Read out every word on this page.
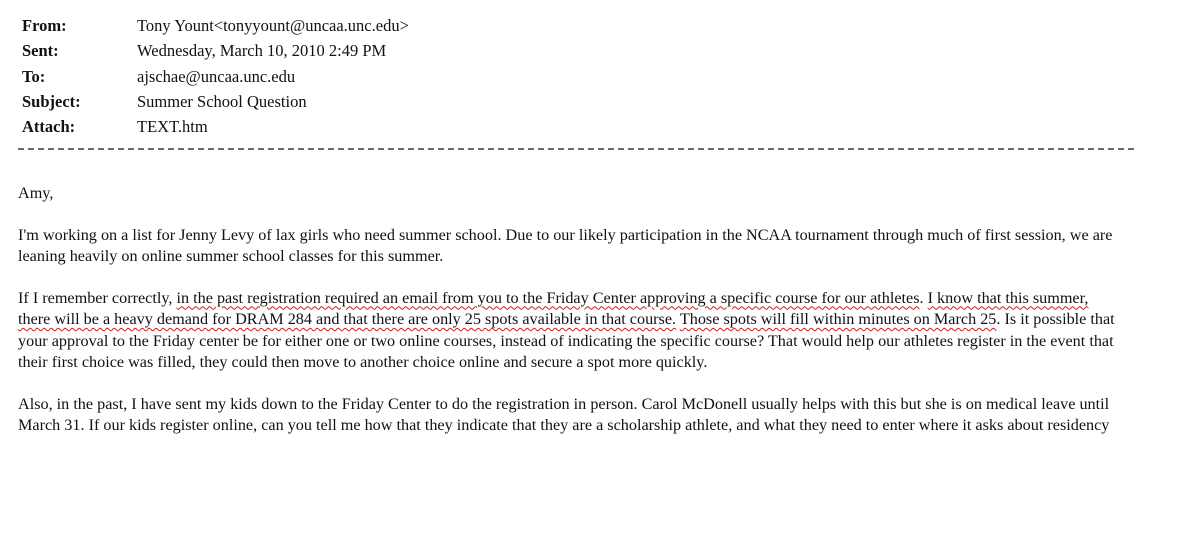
From:	Tony Yount<tonyyount@uncaa.unc.edu>
Sent:	Wednesday, March 10, 2010 2:49 PM
To:	ajschae@uncaa.unc.edu
Subject:	Summer School Question
Attach:	TEXT.htm

Amy,

I'm working on a list for Jenny Levy of lax girls who need summer school. Due to our likely participation in the NCAA tournament through much of first session, we are leaning heavily on online summer school classes for this summer.

If I remember correctly, in the past registration required an email from you to the Friday Center approving a specific course for our athletes. I know that this summer, there will be a heavy demand for DRAM 284 and that there are only 25 spots available in that course. Those spots will fill within minutes on March 25. Is it possible that your approval to the Friday center be for either one or two online courses, instead of indicating the specific course? That would help our athletes register in the event that their first choice was filled, they could then move to another choice online and secure a spot more quickly.

Also, in the past, I have sent my kids down to the Friday Center to do the registration in person. Carol McDonell usually helps with this but she is on medical leave until March 31. If our kids register online, can you tell me how that they indicate that they are a scholarship athlete, and what they need to enter where it asks about residency
